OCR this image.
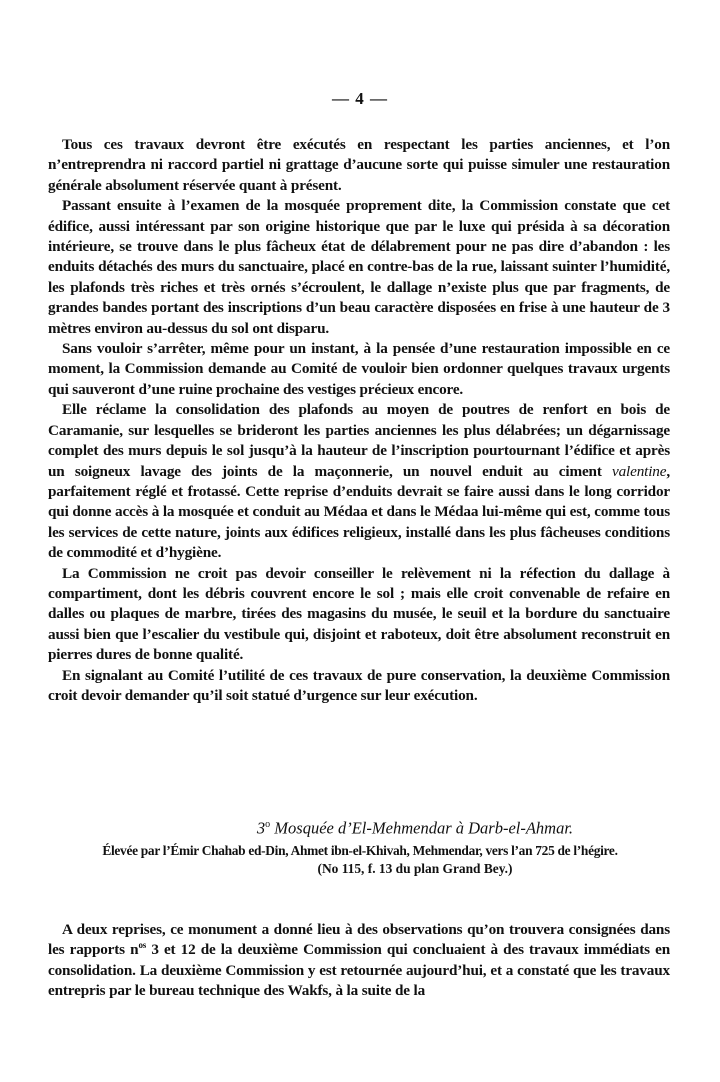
— 4 —

Tous ces travaux devront être exécutés en respectant les parties anciennes, et l’on n’entreprendra ni raccord partiel ni grattage d’aucune sorte qui puisse simuler une restauration générale absolument réservée quant à présent.

Passant ensuite à l’examen de la mosquée proprement dite, la Commission constate que cet édifice, aussi intéressant par son origine historique que par le luxe qui présida à sa décoration intérieure, se trouve dans le plus fâcheux état de délabrement pour ne pas dire d’abandon : les enduits détachés des murs du sanctuaire, placé en contre-bas de la rue, laissant suinter l’humidité, les plafonds très riches et très ornés s’écroulent, le dallage n’existe plus que par fragments, de grandes bandes portant des inscriptions d’un beau caractère disposées en frise à une hauteur de 3 mètres environ au-dessus du sol ont disparu.

Sans vouloir s’arrêter, même pour un instant, à la pensée d’une restauration impossible en ce moment, la Commission demande au Comité de vouloir bien ordonner quelques travaux urgents qui sauveront d’une ruine prochaine des vestiges précieux encore.

Elle réclame la consolidation des plafonds au moyen de poutres de renfort en bois de Caramanie, sur lesquelles se brideront les parties anciennes les plus délabrées; un dégarnissage complet des murs depuis le sol jusqu’à la hauteur de l’inscription pourtournant l’édifice et après un soigneux lavage des joints de la maçonnerie, un nouvel enduit au ciment valentine, parfaitement réglé et frotassé. Cette reprise d’enduits devrait se faire aussi dans le long corridor qui donne accès à la mosquée et conduit au Médaa et dans le Médaa lui-même qui est, comme tous les services de cette nature, joints aux édifices religieux, installé dans les plus fâcheuses conditions de commodité et d’hygiène.

La Commission ne croit pas devoir conseiller le relèvement ni la réfection du dallage à compartiment, dont les débris couvrent encore le sol ; mais elle croit convenable de refaire en dalles ou plaques de marbre, tirées des magasins du musée, le seuil et la bordure du sanctuaire aussi bien que l’escalier du vestibule qui, disjoint et raboteux, doit être absolument reconstruit en pierres dures de bonne qualité.

En signalant au Comité l’utilité de ces travaux de pure conservation, la deuxième Commission croit devoir demander qu’il soit statué d’urgence sur leur exécution.

3$^o$ Mosquée d’El-Mehmendar à Darb-el-Ahmar.
Élevée par l’Émir Chahab ed-Din, Ahmet ibn-el-Khivah, Mehmendar, vers l’an 725 de l’hégire.
(No 115, f. 13 du plan Grand Bey.)

A deux reprises, ce monument a donné lieu à des observations qu’on trouvera consignées dans les rapports $n^{os}$ 3 et 12 de la deuxième Commission qui concluaient à des travaux immédiats en consolidation. La deuxième Commission y est retournée aujourd’hui, et a constaté que les travaux entrepris par le bureau technique des Wakfs, à la suite de la
